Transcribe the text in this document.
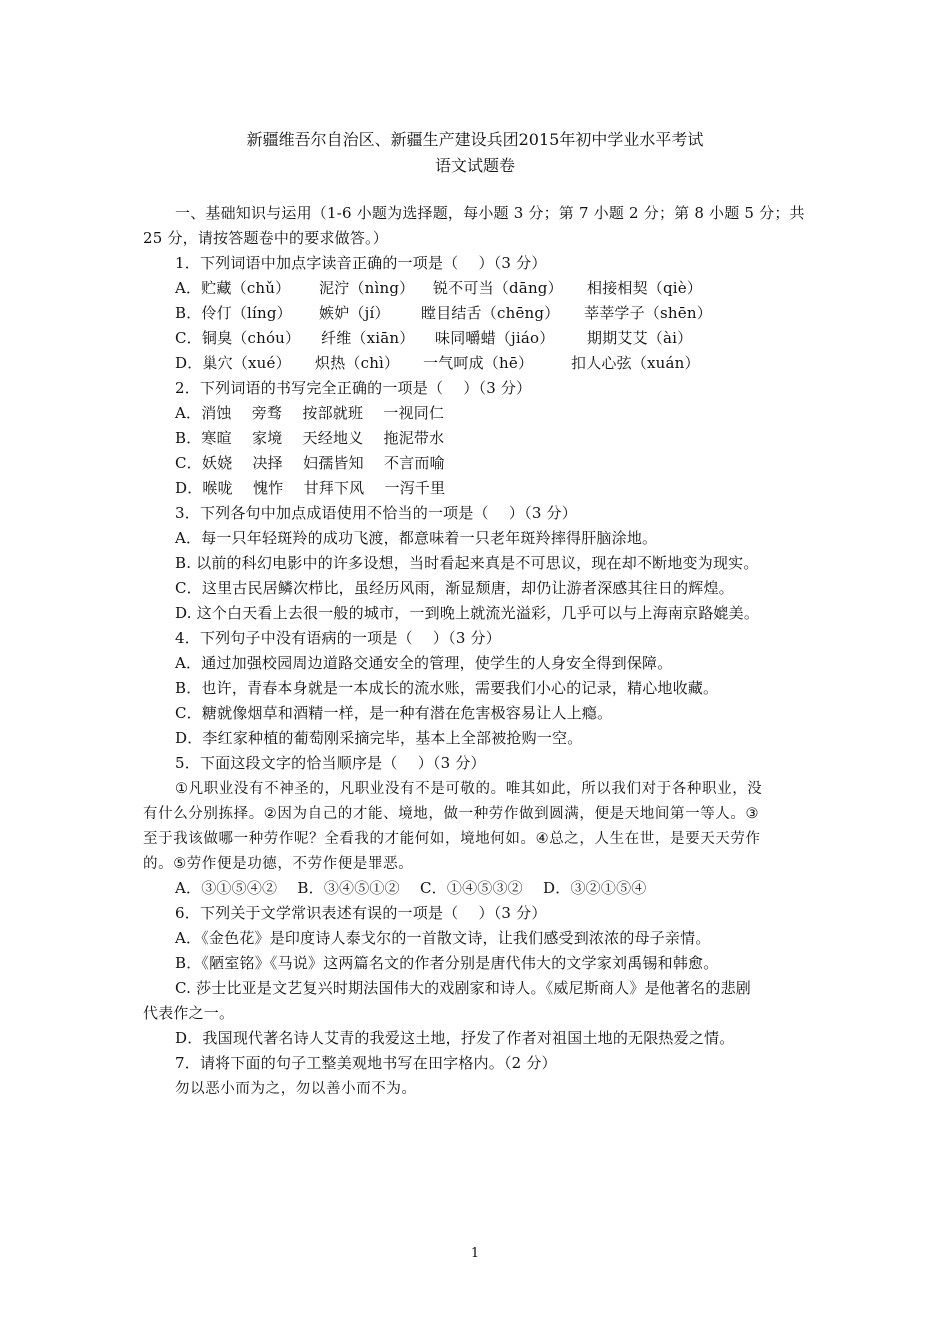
新疆维吾尔自治区、新疆生产建设兵团2015年初中学业水平考试
语文试题卷
一、基础知识与运用（1-6 小题为选择题，每小题 3 分；第 7 小题 2 分；第 8 小题 5 分；共
25 分，请按答题卷中的要求做答。）
1．下列词语中加点字读音正确的一项是（　 ）（3 分）
A．贮藏（chǔ）	泥泞（nìng）	锐不可当（dāng）	相接相契（qiè）
B．伶仃（líng）	嫉妒（jí）	瞠目结舌（chēng）	莘莘学子（shēn）
C．铜臭（chóu）	纤维（xiān）	味同嚼蜡（jiáo）	期期艾艾（ài）
D．巢穴（xué）	炽热（chì）	一气呵成（hē）	扣人心弦（xuán）
2．下列词语的书写完全正确的一项是（　 ）（3 分）
A．消蚀　 旁骛　 按部就班　 一视同仁
B．寒暄　 家境　 天经地义　 拖泥带水
C．妖娆　 决择　 妇孺皆知　 不言而喻
D．喉咙　 愧怍　 甘拜下风　 一泻千里
3．下列各句中加点成语使用不恰当的一项是（　 ）（3 分）
A．每一只年轻斑羚的成功飞渡，都意味着一只老年斑羚摔得肝脑涂地。
B. 以前的科幻电影中的许多设想，当时看起来真是不可思议，现在却不断地变为现实。
C．这里古民居鳞次栉比，虽经历风雨，渐显颓唐，却仍让游者深感其往日的辉煌。
D. 这个白天看上去很一般的城市，一到晚上就流光溢彩，几乎可以与上海南京路媲美。
4．下列句子中没有语病的一项是（　 ）（3 分）
A．通过加强校园周边道路交通安全的管理，使学生的人身安全得到保障。
B．也许，青春本身就是一本成长的流水账，需要我们小心的记录，精心地收藏。
C．糖就像烟草和酒精一样，是一种有潜在危害极容易让人上瘾。
D．李红家种植的葡萄刚采摘完毕，基本上全部被抢购一空。
5．下面这段文字的恰当顺序是（　 ）（3 分）
①凡职业没有不神圣的，凡职业没有不是可敬的。唯其如此，所以我们对于各种职业，没
有什么分别拣择。②因为自己的才能、境地，做一种劳作做到圆满，便是天地间第一等人。③
至于我该做哪一种劳作呢？全看我的才能何如，境地何如。④总之，人生在世，是要天天劳作
的。⑤劳作便是功德，不劳作便是罪恶。
A．③①⑤④②　 B．③④⑤①②　 C．①④⑤③②　 D．③②①⑤④
6．下列关于文学常识表述有误的一项是（　 ）（3 分）
A．《金色花》是印度诗人泰戈尔的一首散文诗，让我们感受到浓浓的母子亲情。
B．《陋室铭》《马说》这两篇名文的作者分别是唐代伟大的文学家刘禹锡和韩愈。
C. 莎士比亚是文艺复兴时期法国伟大的戏剧家和诗人。《威尼斯商人》是他著名的悲剧
代表作之一。
D．我国现代著名诗人艾青的我爱这土地，抒发了作者对祖国土地的无限热爱之情。
7．请将下面的句子工整美观地书写在田字格内。（2 分）
勿以恶小而为之，勿以善小而不为。
1
